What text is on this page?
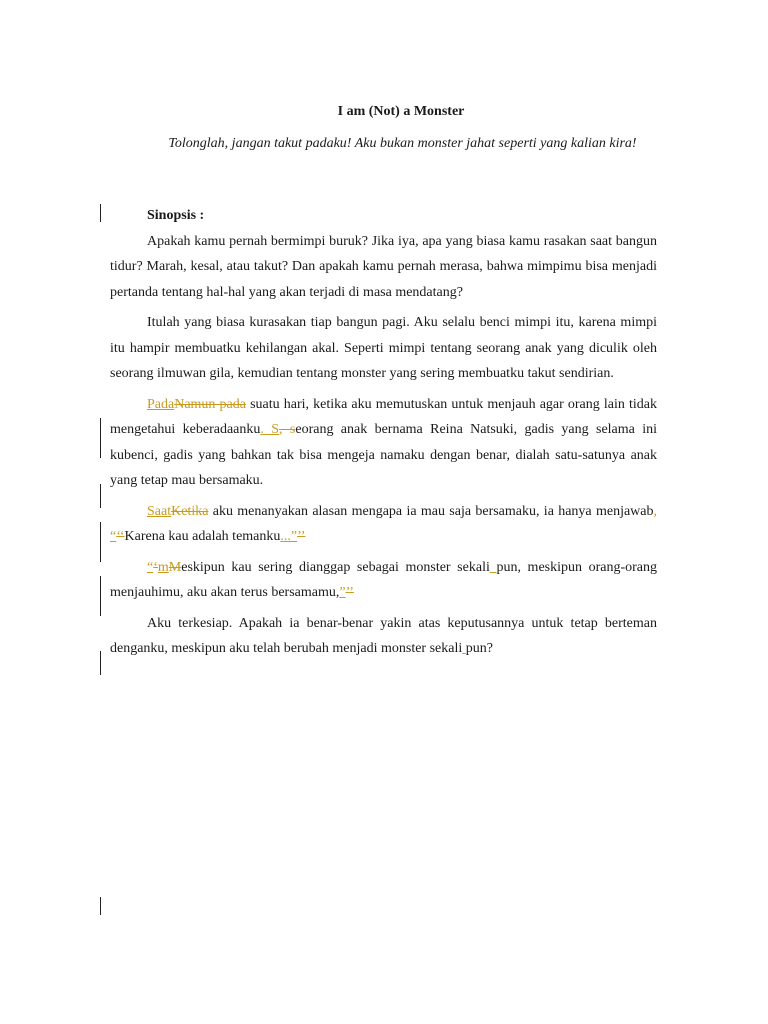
I am (Not) a Monster
Tolonglah, jangan takut padaku! Aku bukan monster jahat seperti yang kalian kira!

Sinopsis :

Apakah kamu pernah bermimpi buruk? Jika iya, apa yang biasa kamu rasakan saat bangun tidur? Marah, kesal, atau takut? Dan apakah kamu pernah merasa, bahwa mimpimu bisa menjadi pertanda tentang hal-hal yang akan terjadi di masa mendatang?

Itulah yang biasa kurasakan tiap bangun pagi. Aku selalu benci mimpi itu, karena mimpi itu hampir membuatku kehilangan akal. Seperti mimpi tentang seorang anak yang diculik oleh seorang ilmuwan gila, kemudian tentang monster yang sering membuatku takut sendirian.

PadaNamun pada suatu hari, ketika aku memutuskan untuk menjauh agar orang lain tidak mengetahui keberadaanku. S, seorang anak bernama Reina Natsuki, gadis yang selama ini kubenci, gadis yang bahkan tak bisa mengeja namaku dengan benar, dialah satu-satunya anak yang tetap mau bersamaku.

SaatKetika aku menanyakan alasan mengapa ia mau saja bersamaku, ia hanya menjawab, “‘‘Karena kau adalah temanku...”’’

“‘mMeskipun kau sering dianggap sebagai monster sekali pun, meskipun orang-orang menjauhimu, aku akan terus bersamamu,”’’

Aku terkesiap. Apakah ia benar-benar yakin atas keputusannya untuk tetap berteman denganku, meskipun aku telah berubah menjadi monster sekali pun?
